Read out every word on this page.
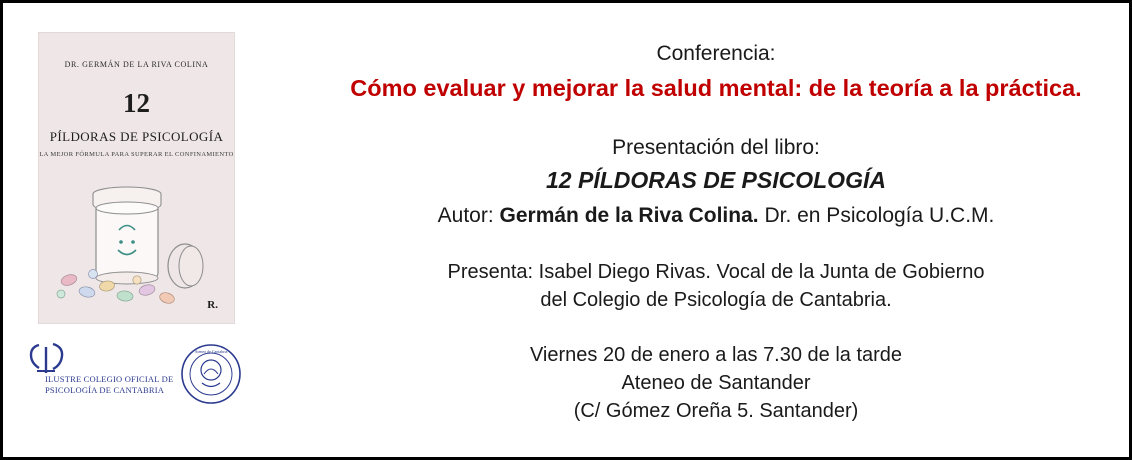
DR. GERMÁN DE LA RIVA COLINA
12
PÍLDORAS DE PSICOLOGÍA
LA MEJOR FÓRMULA PARA SUPERAR EL CONFINAMIENTO
R.
ILUSTRE COLEGIO OFICIAL DE
PSICOLOGÍA DE CANTABRIA
Ateneo de Cantabria
Conferencia:
Cómo evaluar y mejorar la salud mental: de la teoría a la práctica.
Presentación del libro:
12 PÍLDORAS DE PSICOLOGÍA
Autor: Germán de la Riva Colina. Dr. en Psicología U.C.M.
Presenta: Isabel Diego Rivas. Vocal de la Junta de Gobierno
del Colegio de Psicología de Cantabria.
Viernes 20 de enero a las 7.30 de la tarde
Ateneo de Santander
(C/ Gómez Oreña 5. Santander)
